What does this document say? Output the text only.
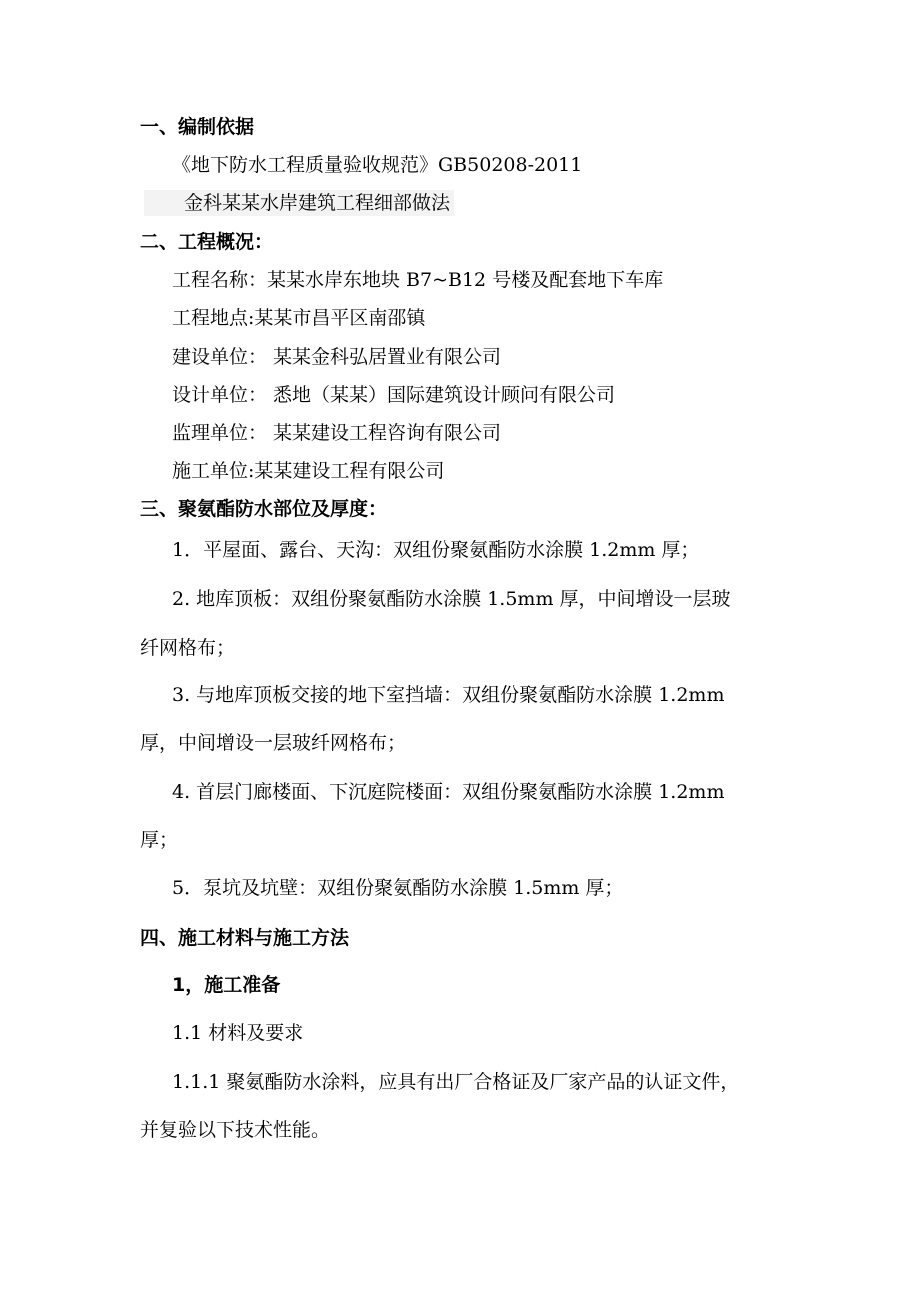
一、编制依据
《地下防水工程质量验收规范》GB50208-2011
金科某某水岸建筑工程细部做法
二、工程概况：
工程名称：某某水岸东地块 B7~B12 号楼及配套地下车库
工程地点:某某市昌平区南邵镇
建设单位： 某某金科弘居置业有限公司
设计单位： 悉地（某某）国际建筑设计顾问有限公司
监理单位： 某某建设工程咨询有限公司
施工单位:某某建设工程有限公司
三、聚氨酯防水部位及厚度：
1．平屋面、露台、天沟：双组份聚氨酯防水涂膜 1.2mm 厚；
2. 地库顶板：双组份聚氨酯防水涂膜 1.5mm 厚，中间增设一层玻
纤网格布；
3. 与地库顶板交接的地下室挡墙：双组份聚氨酯防水涂膜 1.2mm
厚，中间增设一层玻纤网格布；
4. 首层门廊楼面、下沉庭院楼面：双组份聚氨酯防水涂膜 1.2mm
厚；
5．泵坑及坑壁：双组份聚氨酯防水涂膜 1.5mm 厚；
四、施工材料与施工方法
1，施工准备
1.1 材料及要求
1.1.1 聚氨酯防水涂料，应具有出厂合格证及厂家产品的认证文件，
并复验以下技术性能。
